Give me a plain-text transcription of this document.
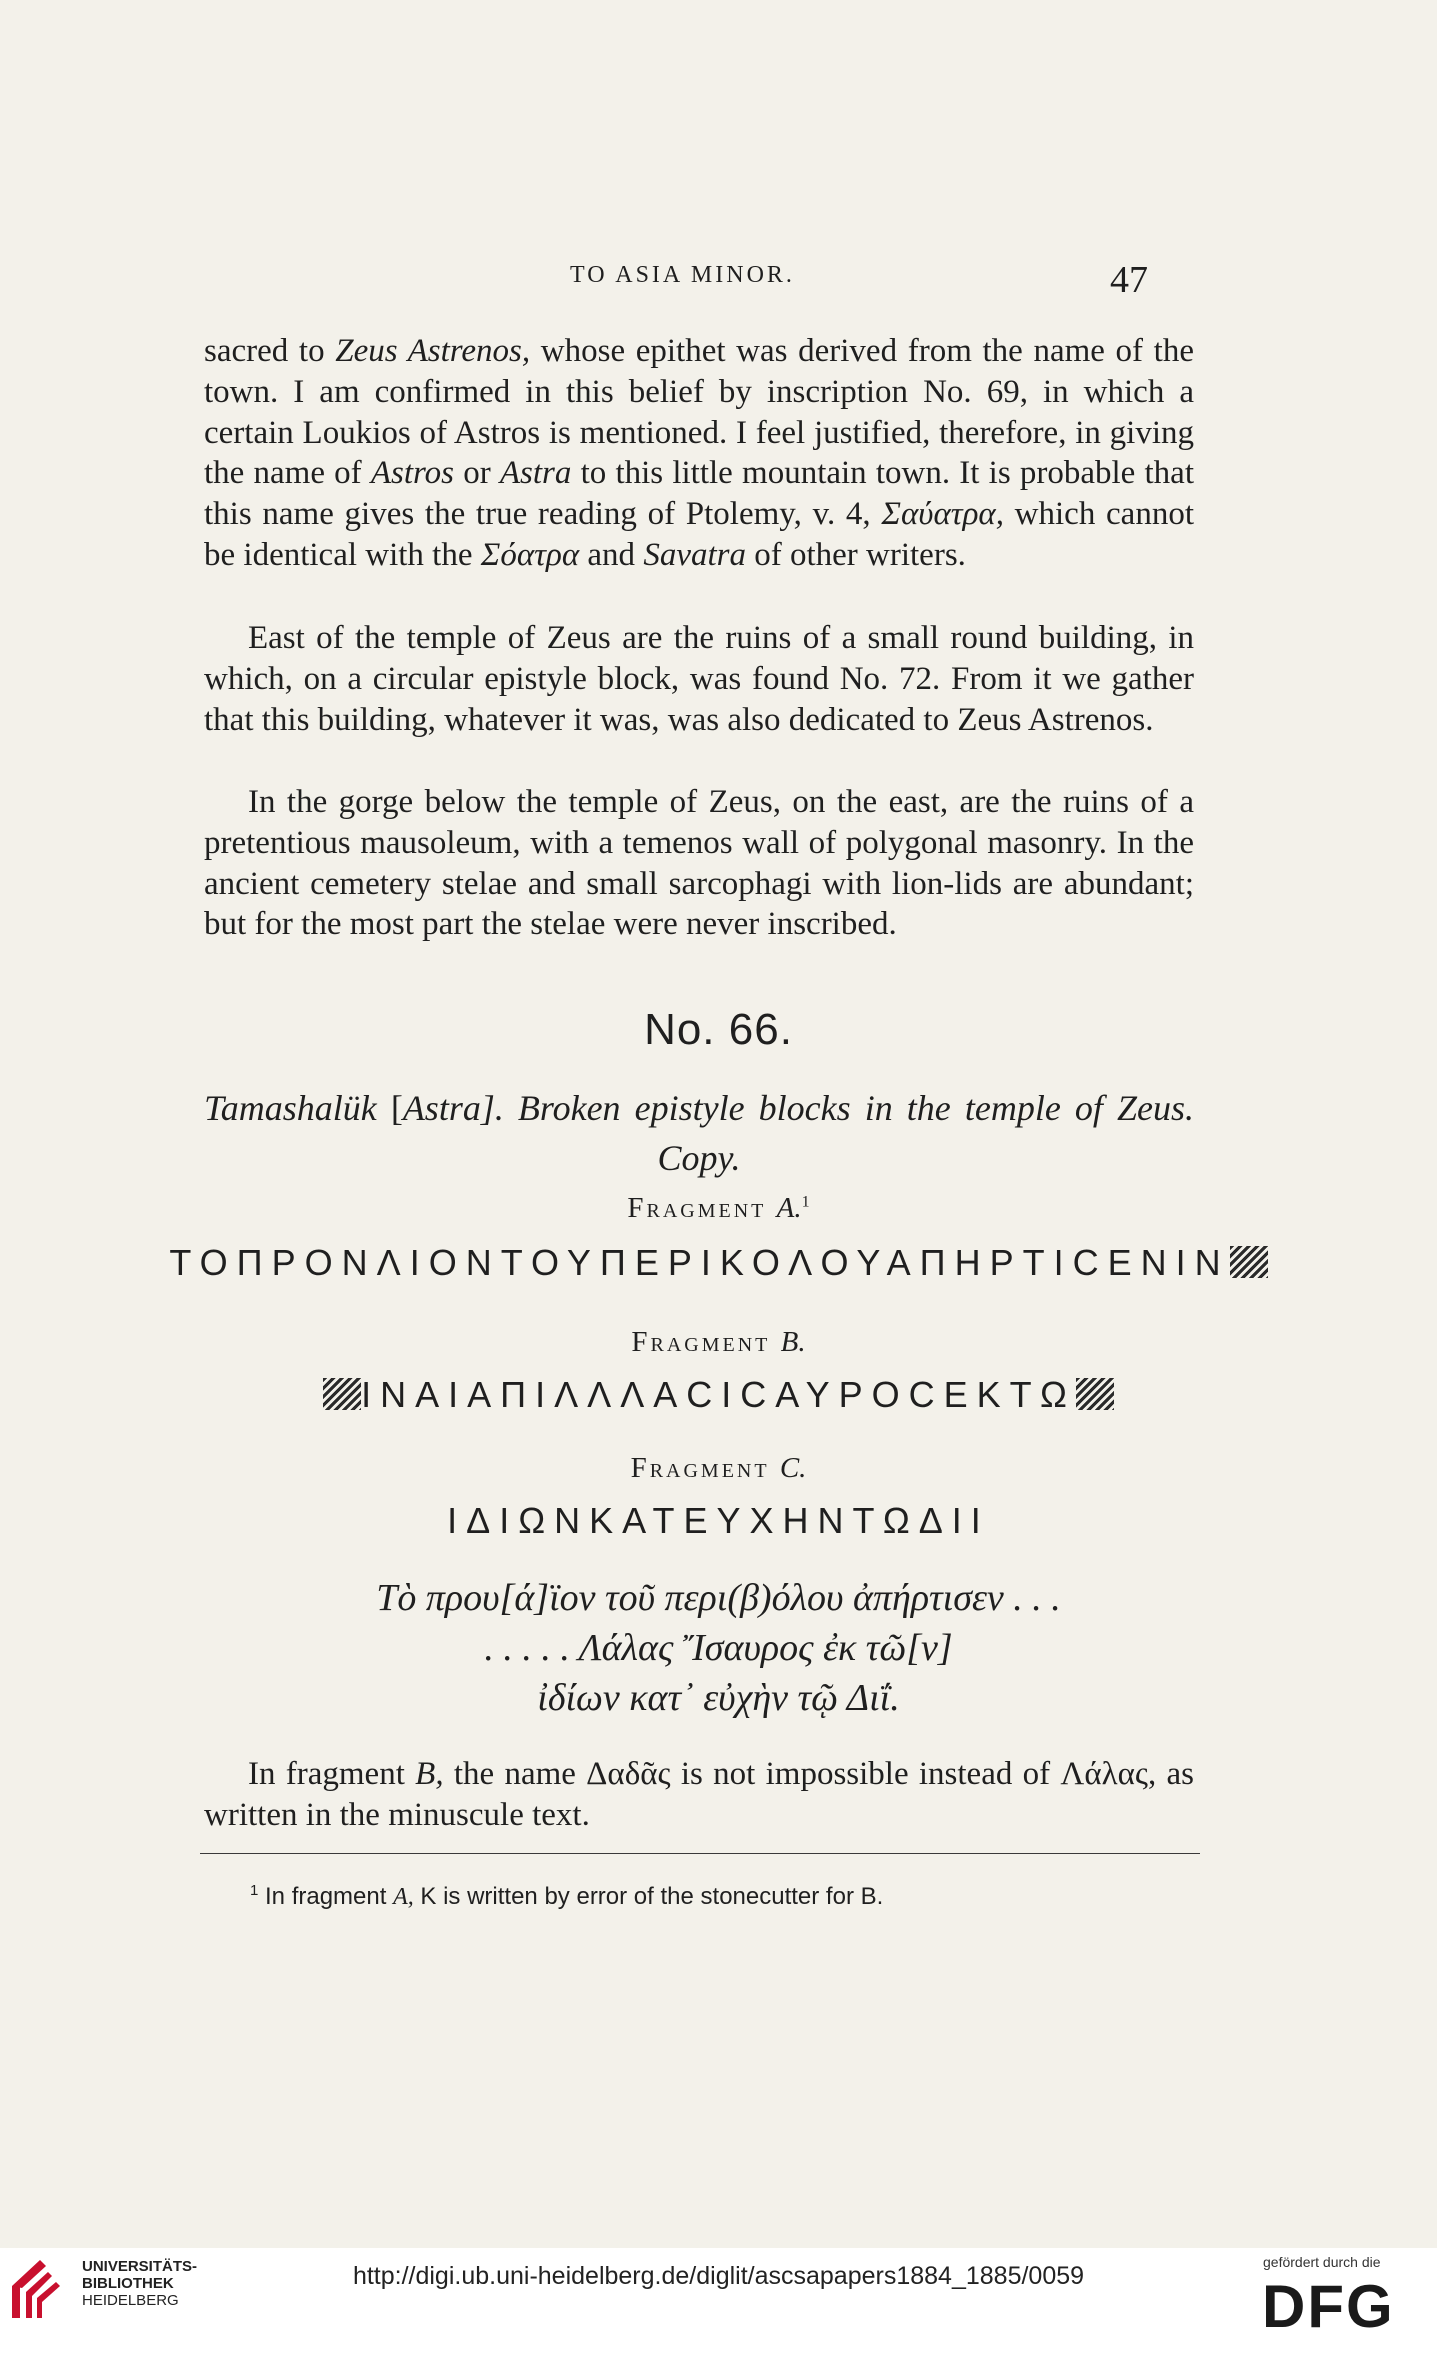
TO ASIA MINOR.	47

sacred to Zeus Astrenos, whose epithet was derived from the name of the town. I am confirmed in this belief by inscription No. 69, in which a certain Loukios of Astros is mentioned. I feel justified, therefore, in giving the name of Astros or Astra to this little mountain town. It is probable that this name gives the true reading of Ptolemy, v. 4, Σαύατρα, which cannot be identical with the Σόατρα and Savatra of other writers.

East of the temple of Zeus are the ruins of a small round building, in which, on a circular epistyle block, was found No. 72. From it we gather that this building, whatever it was, was also dedicated to Zeus Astrenos.

In the gorge below the temple of Zeus, on the east, are the ruins of a pretentious mausoleum, with a temenos wall of polygonal masonry. In the ancient cemetery stelae and small sarcophagi with lion-lids are abundant; but for the most part the stelae were never inscribed.

No. 66.
Tamashalük [Astra]. Broken epistyle blocks in the temple of Zeus. Copy.
Fragment A.$^1$
ΤΟΠΡΟΝΛΙΟΝΤΟΥΠΕΡΙΚΟΛΟΥΑΠΗΡΤΙϹΕΝΙΝ
Fragment B.
ΙΝΑΙΑΠΙΛΛΛΑϹΙϹΑΥΡΟϹΕΚΤΩ
Fragment C.
ΙΔΙΩΝΚΑΤΕΥΧΗΝΤΩΔΙΙ
Τὸ πρου[ά]ϊον τοῦ περι(β)όλου ἀπήρτισεν . . .
. . . . . Λάλας Ἴσαυρος ἐκ τῶ[ν]
ἰδίων κατ᾽ εὐχὴν τῷ Διΐ.

In fragment B, the name Δαδᾶς is not impossible instead of Λάλας, as written in the minuscule text.

$^1$ In fragment A, K is written by error of the stonecutter for B.
UNIVERSITÄTS-
BIBLIOTHEK
HEIDELBERG
http://digi.ub.uni-heidelberg.de/diglit/ascsapapers1884_1885/0059	gefördert durch die
DFG
